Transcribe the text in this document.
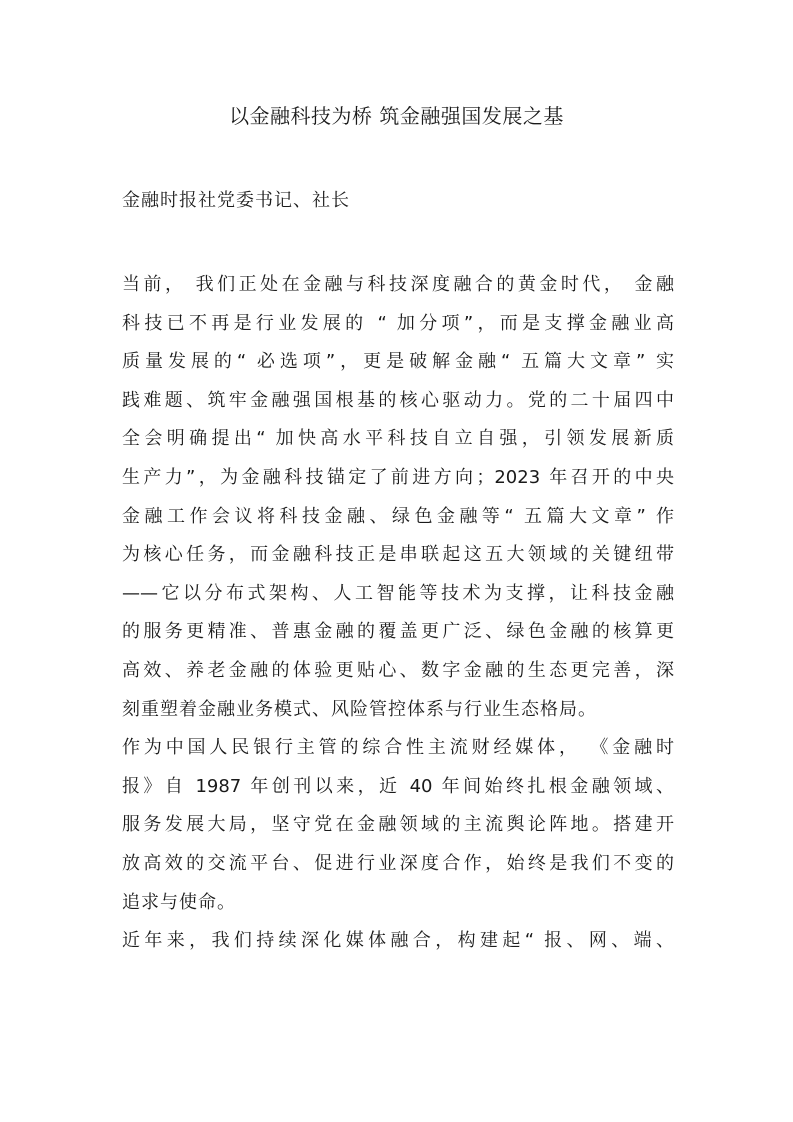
以金融科技为桥 筑金融强国发展之基
金融时报社党委书记、社长
当前， 我们正处在金融与科技深度融合的黄金时代， 金融
科技已不再是行业发展的 “ 加分项”，而是支撑金融业高
质量发展的“ 必选项”，更是破解金融“ 五篇大文章” 实
践难题、筑牢金融强国根基的核心驱动力。党的二十届四中
全会明确提出“ 加快高水平科技自立自强，引领发展新质
生产力”，为金融科技锚定了前进方向；2023 年召开的中央
金融工作会议将科技金融、绿色金融等“ 五篇大文章” 作
为核心任务，而金融科技正是串联起这五大领域的关键纽带
——它以分布式架构、人工智能等技术为支撑，让科技金融
的服务更精准、普惠金融的覆盖更广泛、绿色金融的核算更
高效、养老金融的体验更贴心、数字金融的生态更完善，深
刻重塑着金融业务模式、风险管控体系与行业生态格局。
作为中国人民银行主管的综合性主流财经媒体， 《金融时
报》自 1987 年创刊以来，近 40 年间始终扎根金融领域、
服务发展大局，坚守党在金融领域的主流舆论阵地。搭建开
放高效的交流平台、促进行业深度合作，始终是我们不变的
追求与使命。
近年来，我们持续深化媒体融合，构建起“ 报、网、端、
